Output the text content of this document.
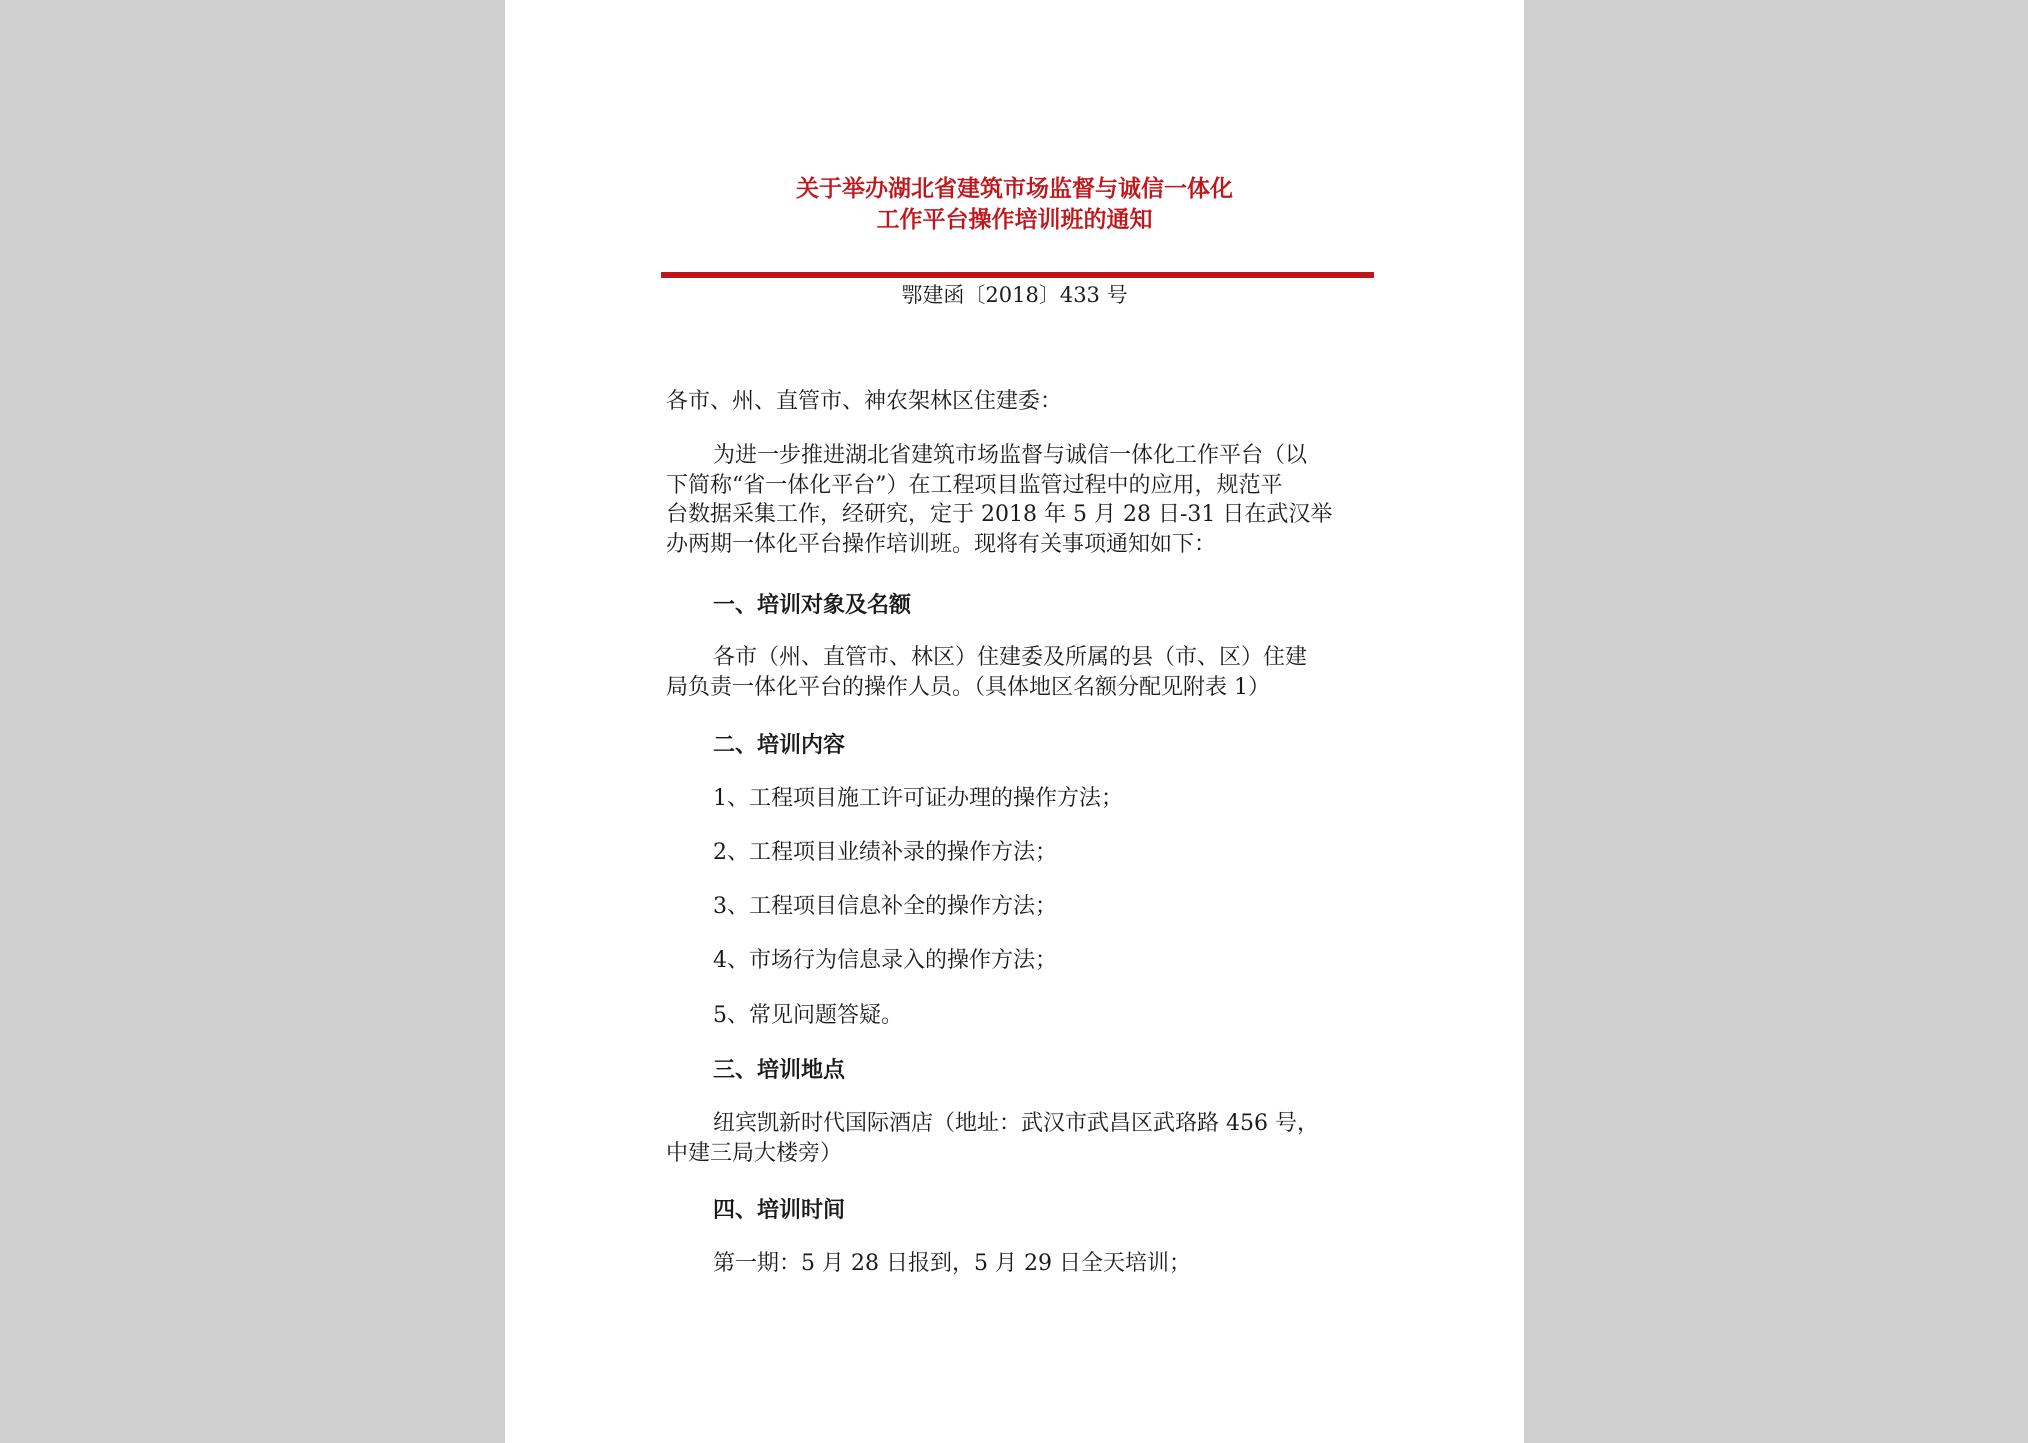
关于举办湖北省建筑市场监督与诚信一体化
工作平台操作培训班的通知
鄂建函〔2018〕433 号
各市、州、直管市、神农架林区住建委：
为进一步推进湖北省建筑市场监督与诚信一体化工作平台（以
下简称“省一体化平台”）在工程项目监管过程中的应用，规范平
台数据采集工作，经研究，定于 2018 年 5 月 28 日-31 日在武汉举
办两期一体化平台操作培训班。现将有关事项通知如下：
一、培训对象及名额
各市（州、直管市、林区）住建委及所属的县（市、区）住建
局负责一体化平台的操作人员。（具体地区名额分配见附表 1）
二、培训内容
1、工程项目施工许可证办理的操作方法；
2、工程项目业绩补录的操作方法；
3、工程项目信息补全的操作方法；
4、市场行为信息录入的操作方法；
5、常见问题答疑。
三、培训地点
纽宾凯新时代国际酒店（地址：武汉市武昌区武珞路 456 号，
中建三局大楼旁）
四、培训时间
第一期：5 月 28 日报到，5 月 29 日全天培训；
